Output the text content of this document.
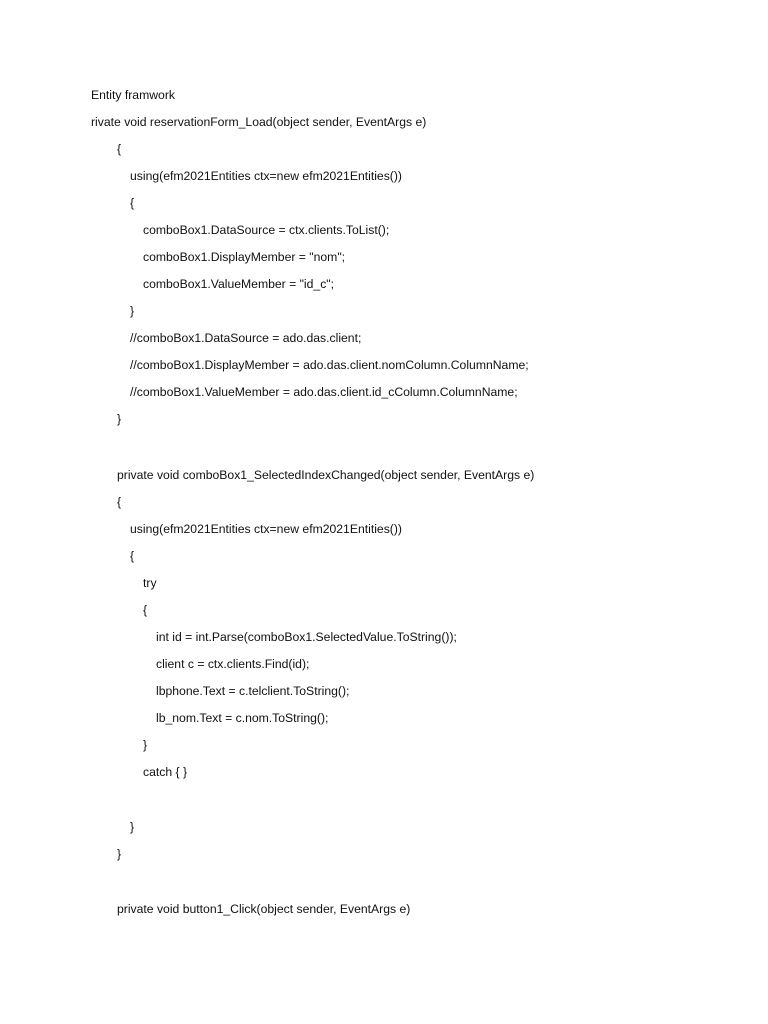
Entity framwork
rivate void reservationForm_Load(object sender, EventArgs e)
{
using(efm2021Entities ctx=new efm2021Entities())
{
comboBox1.DataSource = ctx.clients.ToList();
comboBox1.DisplayMember = "nom";
comboBox1.ValueMember = "id_c";
}
//comboBox1.DataSource = ado.das.client;
//comboBox1.DisplayMember = ado.das.client.nomColumn.ColumnName;
//comboBox1.ValueMember = ado.das.client.id_cColumn.ColumnName;
}
private void comboBox1_SelectedIndexChanged(object sender, EventArgs e)
{
using(efm2021Entities ctx=new efm2021Entities())
{
try
{
int id = int.Parse(comboBox1.SelectedValue.ToString());
client c = ctx.clients.Find(id);
lbphone.Text = c.telclient.ToString();
lb_nom.Text = c.nom.ToString();
}
catch { }
}
}
private void button1_Click(object sender, EventArgs e)
